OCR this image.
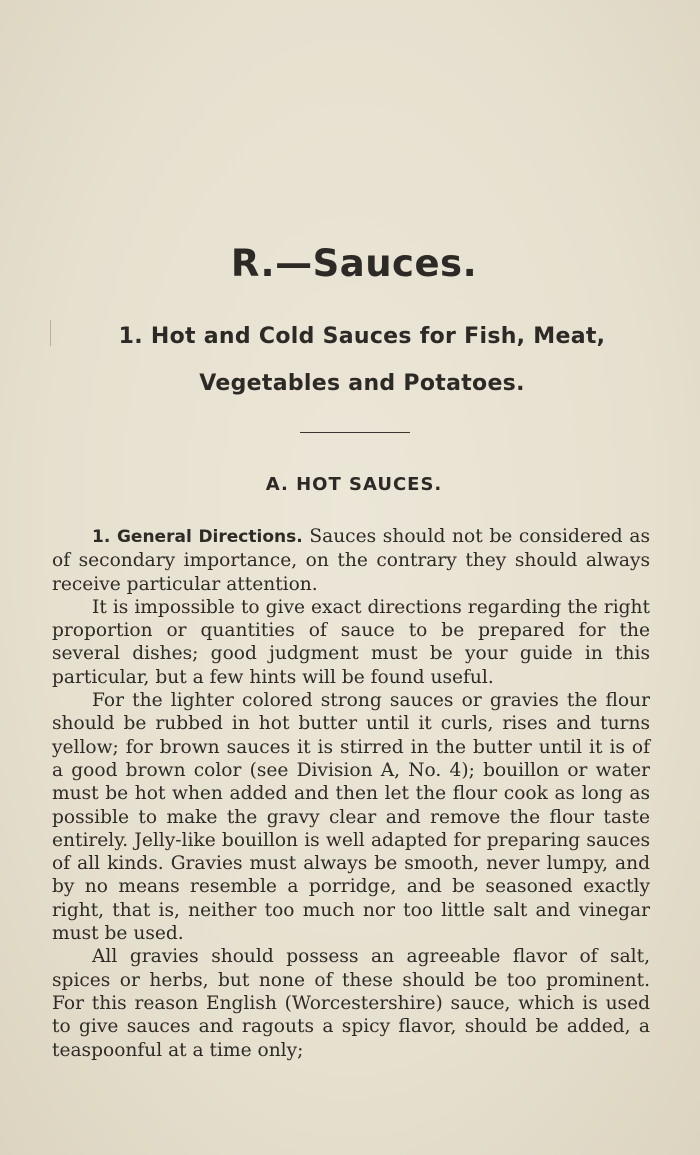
R.—Sauces.
1. Hot and Cold Sauces for Fish, Meat, Vegetables and Potatoes.
A. HOT SAUCES.

1. General Directions. Sauces should not be considered as of secondary importance, on the contrary they should always receive particular attention.

It is impossible to give exact directions regarding the right proportion or quantities of sauce to be prepared for the several dishes; good judgment must be your guide in this particular, but a few hints will be found useful.

For the lighter colored strong sauces or gravies the flour should be rubbed in hot butter until it curls, rises and turns yellow; for brown sauces it is stirred in the butter until it is of a good brown color (see Division A, No. 4); bouillon or water must be hot when added and then let the flour cook as long as possible to make the gravy clear and remove the flour taste entirely. Jelly-like bouillon is well adapted for preparing sauces of all kinds. Gravies must always be smooth, never lumpy, and by no means resemble a porridge, and be seasoned exactly right, that is, neither too much nor too little salt and vinegar must be used.

All gravies should possess an agreeable flavor of salt, spices or herbs, but none of these should be too prominent. For this reason English (Worcestershire) sauce, which is used to give sauces and ragouts a spicy flavor, should be added, a teaspoonful at a time only;
